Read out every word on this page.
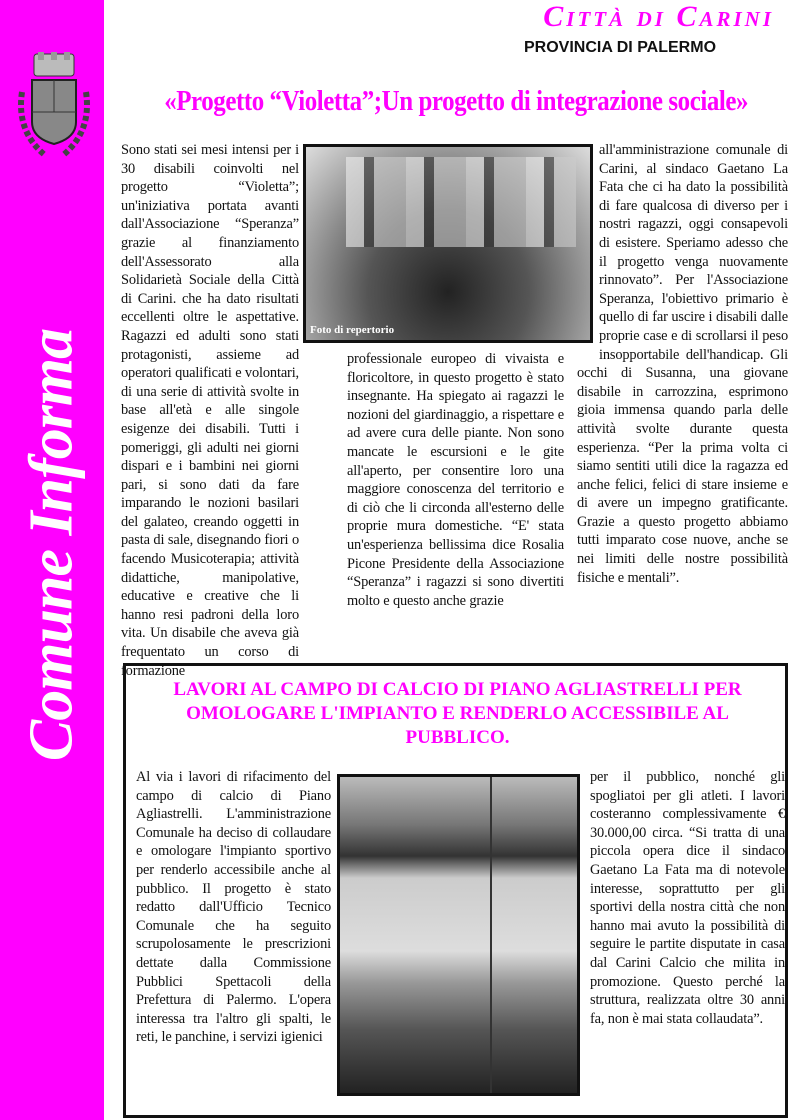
Comune Informa
Città di Carini
PROVINCIA DI PALERMO
«Progetto “Violetta”;Un progetto di integrazione sociale»
Sono stati sei mesi intensi per i 30 disabili coinvolti nel progetto “Violetta”; un'iniziativa portata avanti dall'Associazione “Speranza” grazie al finanziamento dell'Assessorato alla Solidarietà Sociale della Città di Carini. che ha dato risultati eccellenti oltre le aspettative. Ragazzi ed adulti sono stati protagonisti, assieme ad operatori qualificati e volontari, di una serie di attività svolte in base all'età e alle singole esigenze dei disabili. Tutti i pomeriggi, gli adulti nei giorni dispari e i bambini nei giorni pari, si sono dati da fare imparando le nozioni basilari del galateo, creando oggetti in pasta di sale, disegnando fiori o facendo Musicoterapia; attività didattiche, manipolative, educative e creative che li hanno resi padroni della loro vita. Un disabile che aveva già frequentato un corso di formazione
Foto di repertorio
professionale europeo di vivaista e floricoltore, in questo progetto è stato insegnante. Ha spiegato ai ragazzi le nozioni del giardinaggio, a rispettare e ad avere cura delle piante. Non sono mancate le escursioni e le gite all'aperto, per consentire loro una maggiore conoscenza del territorio e di ciò che li circonda all'esterno delle proprie mura domestiche. “E' stata un'esperienza bellissima dice Rosalia Picone Presidente della Associazione “Speranza” i ragazzi si sono divertiti molto e questo anche grazie
all'amministrazione comunale di Carini, al sindaco Gaetano La Fata che ci ha dato la possibilità di fare qualcosa di diverso per i nostri ragazzi, oggi consapevoli di esistere. Speriamo adesso che il progetto venga nuovamente rinnovato”. Per l'Associazione Speranza, l'obiettivo primario è quello di far uscire i disabili dalle proprie case e di scrollarsi il peso insopportabile dell'handicap. Gli occhi di Susanna, una giovane disabile in carrozzina, esprimono gioia immensa quando parla delle attività svolte durante questa esperienza. “Per la prima volta ci siamo sentiti utili dice la ragazza ed anche felici, felici di stare insieme e di avere un impegno gratificante. Grazie a questo progetto abbiamo tutti imparato cose nuove, anche se nei limiti delle nostre possibilità fisiche e mentali”.
LAVORI AL CAMPO DI CALCIO DI PIANO AGLIASTRELLI PER OMOLOGARE L'IMPIANTO E RENDERLO ACCESSIBILE AL PUBBLICO.
Al via i lavori di rifacimento del campo di calcio di Piano Agliastrelli. L'amministrazione Comunale ha deciso di collaudare e omologare l'impianto sportivo per renderlo accessibile anche al pubblico. Il progetto è stato redatto dall'Ufficio Tecnico Comunale che ha seguito scrupolosamente le prescrizioni dettate dalla Commissione Pubblici Spettacoli della Prefettura di Palermo. L'opera interessa tra l'altro gli spalti, le reti, le panchine, i servizi igienici
per il pubblico, nonché gli spogliatoi per gli atleti. I lavori costeranno complessivamente € 30.000,00 circa. “Si tratta di una piccola opera dice il sindaco Gaetano La Fata ma di notevole interesse, soprattutto per gli sportivi della nostra città che non hanno mai avuto la possibilità di seguire le partite disputate in casa dal Carini Calcio che milita in promozione. Questo perché la struttura, realizzata oltre 30 anni fa, non è mai stata collaudata”.
